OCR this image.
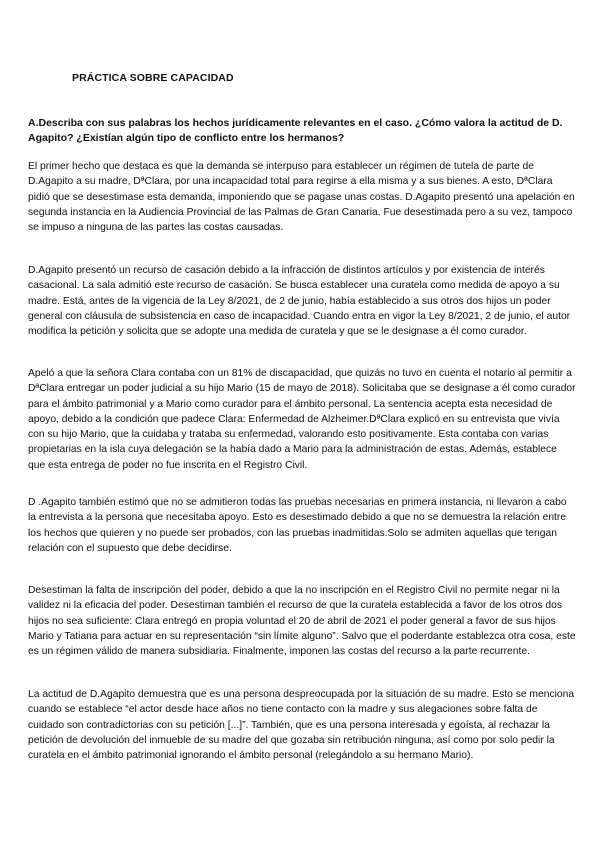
PRÁCTICA SOBRE CAPACIDAD

A.Describa con sus palabras los hechos jurídicamente relevantes en el caso. ¿Cómo valora la actitud de D. Agapito? ¿Existían algún tipo de conflicto entre los hermanos?

El primer hecho que destaca es que la demanda se interpuso para establecer un régimen de tutela de parte de D.Agapito a su madre, DªClara, por una incapacidad total para regirse a ella misma y a sus bienes. A esto, DªClara pidió que se desestimase esta demanda, imponiendo que se pagase unas costas. D.Agapito presentó una apelación en segunda instancia en la Audiencia Provincial de las Palmas de Gran Canaria. Fue desestimada pero a su vez, tampoco se impuso a ninguna de las partes las costas causadas.

D.Agapito presentó un recurso de casación debido a la infracción de distintos artículos y por existencia de interés casacional. La sala admitió este recurso de casación. Se busca establecer una curatela como medida de apoyo a su madre. Está, antes de la vigencia de la Ley 8/2021, de 2 de junio, había establecido a sus otros dos hijos un poder general con cláusula de subsistencia en caso de incapacidad. Cuando entra en vigor la Ley 8/2021, 2 de junio, el autor modifica la petición y solicita que se adopte una medida de curatela y que se le designase a él como curador.

Apeló a que la señora Clara contaba con un 81% de discapacidad, que quizás no tuvo en cuenta el notario al permitir a DªClara entregar un poder judicial a su hijo Mario (15 de mayo de 2018). Solicitaba que se designase a él como curador para el ámbito patrimonial y a Mario como curador para el ámbito personal. La sentencia acepta esta necesidad de apoyo, debido a la condición que padece Clara: Enfermedad de Alzheimer.DªClara explicó en su entrevista que vivía con su hijo Mario, que la cuidaba y trataba su enfermedad, valorando esto positivamente. Esta contaba con varias propietarias en la isla cuya delegación se la había dado a Mario para la administración de estas. Además, establece que esta entrega de poder no fue inscrita en el Registro Civil.

D .Agapito también estimó que no se admitieron todas las pruebas necesarias en primera instancia, ni llevaron a cabo la entrevista a la persona que necesitaba apoyo. Esto es desestimado debido a que no se demuestra la relación entre los hechos que quieren y no puede ser probados, con las pruebas inadmitidas.Solo se admiten aquellas que tengan relación con el supuesto que debe decidirse.

Desestiman la falta de inscripción del poder, debido a que la no inscripción en el Registro Civil no permite negar ni la validez ni la eficacia del poder. Desestiman también el recurso de que la curatela establecida a favor de los otros dos hijos no sea suficiente: Clara entregó en propia voluntad el 20 de abril de 2021 el poder general a favor de sus hijos Mario y Tatiana para actuar en su representación “sin límite alguno”. Salvo que el poderdante establezca otra cosa, este es un régimen válido de manera subsidiaria. Finalmente, imponen las costas del recurso a la parte recurrente.

La actitud de D.Agapito demuestra que es una persona despreocupada por la situación de su madre. Esto se menciona cuando se establece “el actor desde hace años no tiene contacto con la madre y sus alegaciones sobre falta de cuidado son contradictorias con su petición [...]”. También, que es una persona interesada y egoísta, al rechazar la petición de devolución del inmueble de su madre del que gozaba sin retribución ninguna, así como por solo pedir la curatela en el ámbito patrimonial ignorando el ámbito personal (relegándolo a su hermano Mario).
